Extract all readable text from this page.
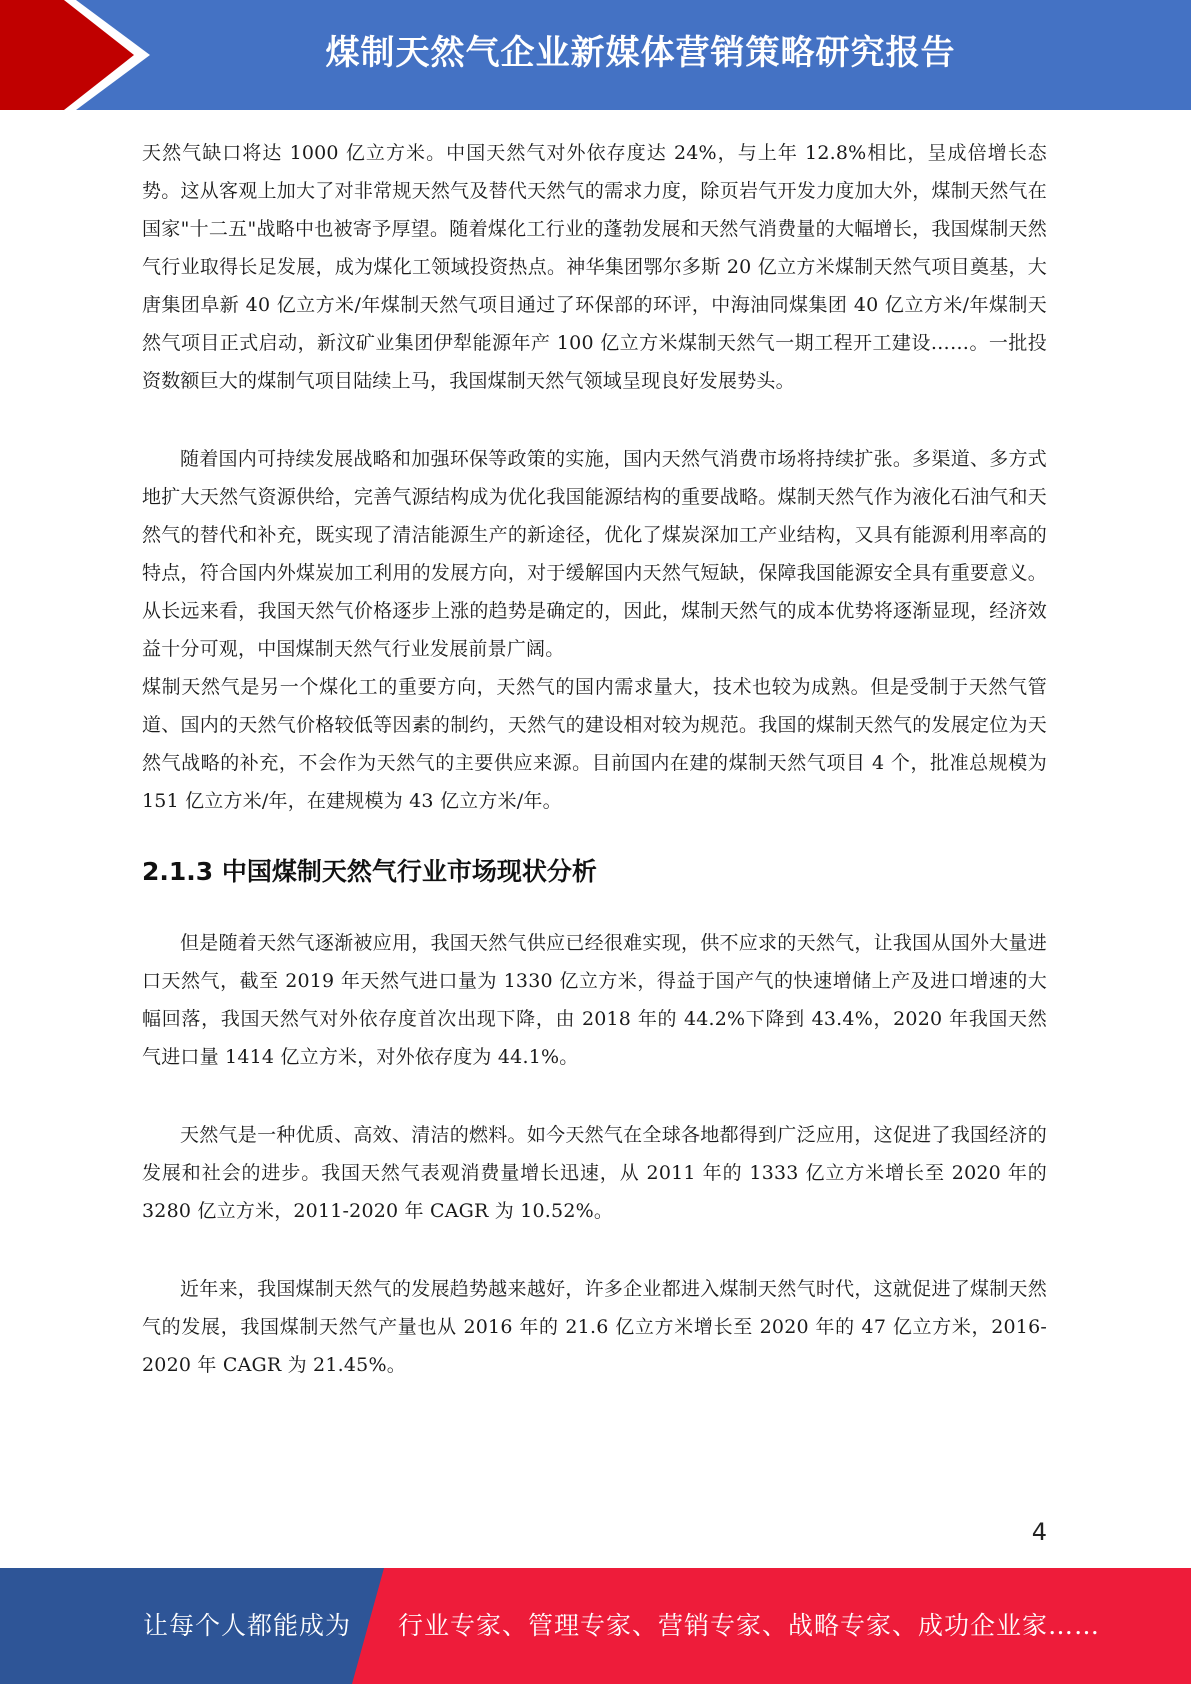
煤制天然气企业新媒体营销策略研究报告

天然气缺口将达 1000 亿立方米。中国天然气对外依存度达 24%，与上年 12.8%相比，呈成倍增长态势。这从客观上加大了对非常规天然气及替代天然气的需求力度，除页岩气开发力度加大外，煤制天然气在国家"十二五"战略中也被寄予厚望。随着煤化工行业的蓬勃发展和天然气消费量的大幅增长，我国煤制天然气行业取得长足发展，成为煤化工领域投资热点。神华集团鄂尔多斯 20 亿立方米煤制天然气项目奠基，大唐集团阜新 40 亿立方米/年煤制天然气项目通过了环保部的环评，中海油同煤集团 40 亿立方米/年煤制天然气项目正式启动，新汶矿业集团伊犁能源年产 100 亿立方米煤制天然气一期工程开工建设……。一批投资数额巨大的煤制气项目陆续上马，我国煤制天然气领域呈现良好发展势头。

随着国内可持续发展战略和加强环保等政策的实施，国内天然气消费市场将持续扩张。多渠道、多方式地扩大天然气资源供给，完善气源结构成为优化我国能源结构的重要战略。煤制天然气作为液化石油气和天然气的替代和补充，既实现了清洁能源生产的新途径，优化了煤炭深加工产业结构，又具有能源利用率高的特点，符合国内外煤炭加工利用的发展方向，对于缓解国内天然气短缺，保障我国能源安全具有重要意义。从长远来看，我国天然气价格逐步上涨的趋势是确定的，因此，煤制天然气的成本优势将逐渐显现，经济效益十分可观，中国煤制天然气行业发展前景广阔。

煤制天然气是另一个煤化工的重要方向，天然气的国内需求量大，技术也较为成熟。但是受制于天然气管道、国内的天然气价格较低等因素的制约，天然气的建设相对较为规范。我国的煤制天然气的发展定位为天然气战略的补充，不会作为天然气的主要供应来源。目前国内在建的煤制天然气项目 4 个，批准总规模为 151 亿立方米/年，在建规模为 43 亿立方米/年。

2.1.3 中国煤制天然气行业市场现状分析

但是随着天然气逐渐被应用，我国天然气供应已经很难实现，供不应求的天然气，让我国从国外大量进口天然气，截至 2019 年天然气进口量为 1330 亿立方米，得益于国产气的快速增储上产及进口增速的大幅回落，我国天然气对外依存度首次出现下降，由 2018 年的 44.2%下降到 43.4%，2020 年我国天然气进口量 1414 亿立方米，对外依存度为 44.1%。

天然气是一种优质、高效、清洁的燃料。如今天然气在全球各地都得到广泛应用，这促进了我国经济的发展和社会的进步。我国天然气表观消费量增长迅速，从 2011 年的 1333 亿立方米增长至 2020 年的 3280 亿立方米，2011-2020 年 CAGR 为 10.52%。

近年来，我国煤制天然气的发展趋势越来越好，许多企业都进入煤制天然气时代，这就促进了煤制天然气的发展，我国煤制天然气产量也从 2016 年的 21.6 亿立方米增长至 2020 年的 47 亿立方米，2016-2020 年 CAGR 为 21.45%。

4
让每个人都能成为 行业专家、管理专家、营销专家、战略专家、成功企业家……
